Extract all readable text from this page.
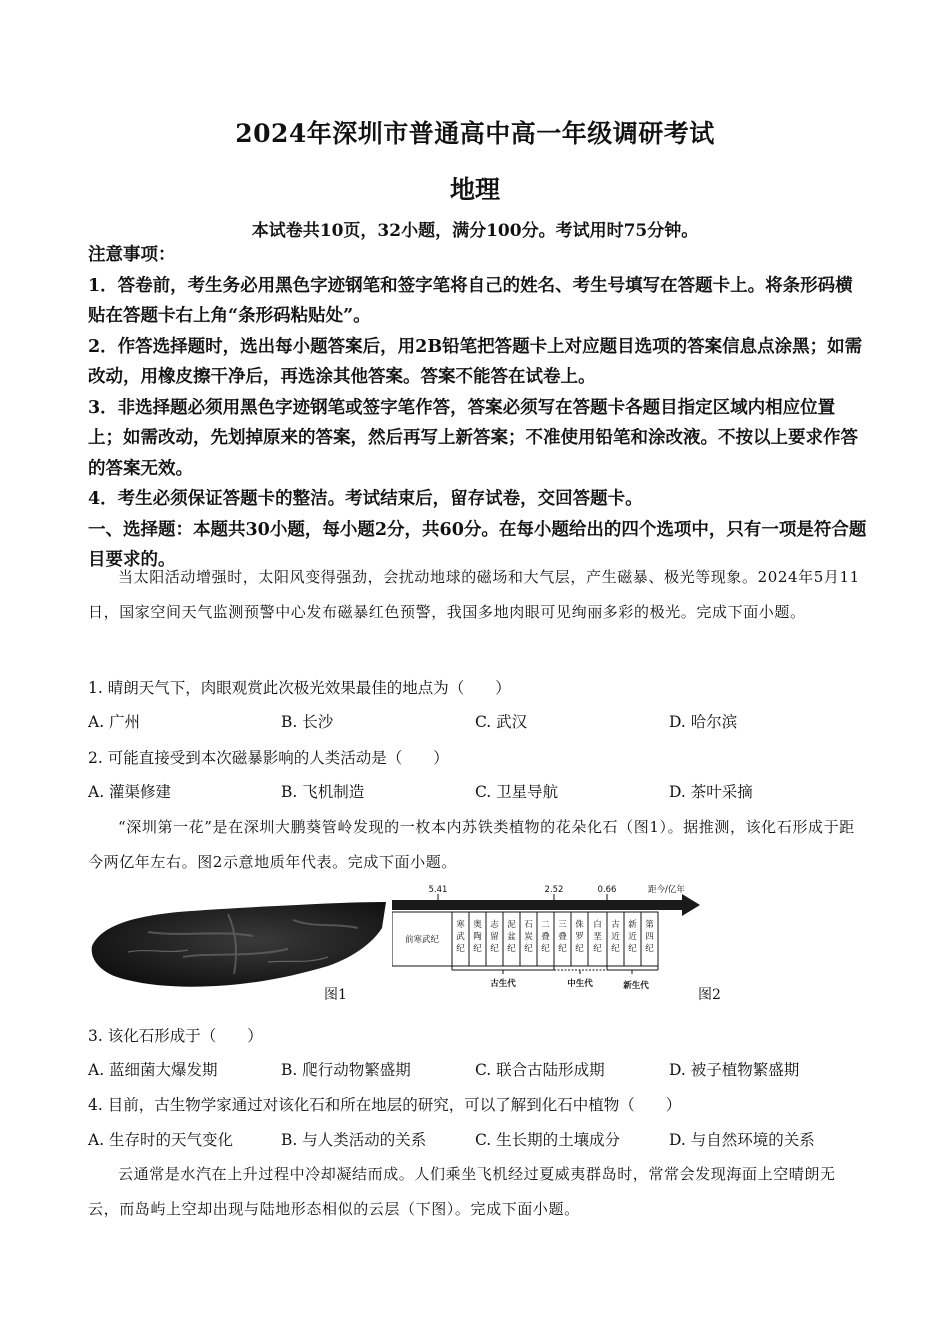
2024年深圳市普通高中高一年级调研考试
地理
本试卷共10页，32小题，满分100分。考试用时75分钟。
注意事项：
1．答卷前，考生务必用黑色字迹钢笔和签字笔将自己的姓名、考生号填写在答题卡上。将条形码横贴在答题卡右上角“条形码粘贴处”。
2．作答选择题时，选出每小题答案后，用2B铅笔把答题卡上对应题目选项的答案信息点涂黑；如需改动，用橡皮擦干净后，再选涂其他答案。答案不能答在试卷上。
3．非选择题必须用黑色字迹钢笔或签字笔作答，答案必须写在答题卡各题目指定区域内相应位置上；如需改动，先划掉原来的答案，然后再写上新答案；不准使用铅笔和涂改液。不按以上要求作答的答案无效。
4．考生必须保证答题卡的整洁。考试结束后，留存试卷，交回答题卡。
一、选择题：本题共30小题，每小题2分，共60分。在每小题给出的四个选项中，只有一项是符合题目要求的。
当太阳活动增强时，太阳风变得强劲，会扰动地球的磁场和大气层，产生磁暴、极光等现象。2024年5月11日，国家空间天气监测预警中心发布磁暴红色预警，我国多地肉眼可见绚丽多彩的极光。完成下面小题。
1. 晴朗天气下，肉眼观赏此次极光效果最佳的地点为（　　）
A. 广州	B. 长沙	C. 武汉	D. 哈尔滨
2. 可能直接受到本次磁暴影响的人类活动是（　　）
A. 灌渠修建	B. 飞机制造	C. 卫星导航	D. 茶叶采摘
“深圳第一花”是在深圳大鹏葵管岭发现的一枚本内苏铁类植物的花朵化石（图1）。据推测，该化石形成于距今两亿年左右。图2示意地质年代表。完成下面小题。
图1
5.41	2.52	0.66	距今/亿年
前寒武纪
寒武纪
奥陶纪
志留纪
泥盆纪
石炭纪
二叠纪
三叠纪
侏罗纪
白垩纪
古近纪
新近纪
第四纪
古生代	中生代	新生代
图2
3. 该化石形成于（　　）
A. 蓝细菌大爆发期	B. 爬行动物繁盛期	C. 联合古陆形成期	D. 被子植物繁盛期
4. 目前，古生物学家通过对该化石和所在地层的研究，可以了解到化石中植物（　　）
A. 生存时的天气变化	B. 与人类活动的关系	C. 生长期的土壤成分	D. 与自然环境的关系
云通常是水汽在上升过程中冷却凝结而成。人们乘坐飞机经过夏威夷群岛时，常常会发现海面上空晴朗无云，而岛屿上空却出现与陆地形态相似的云层（下图）。完成下面小题。
